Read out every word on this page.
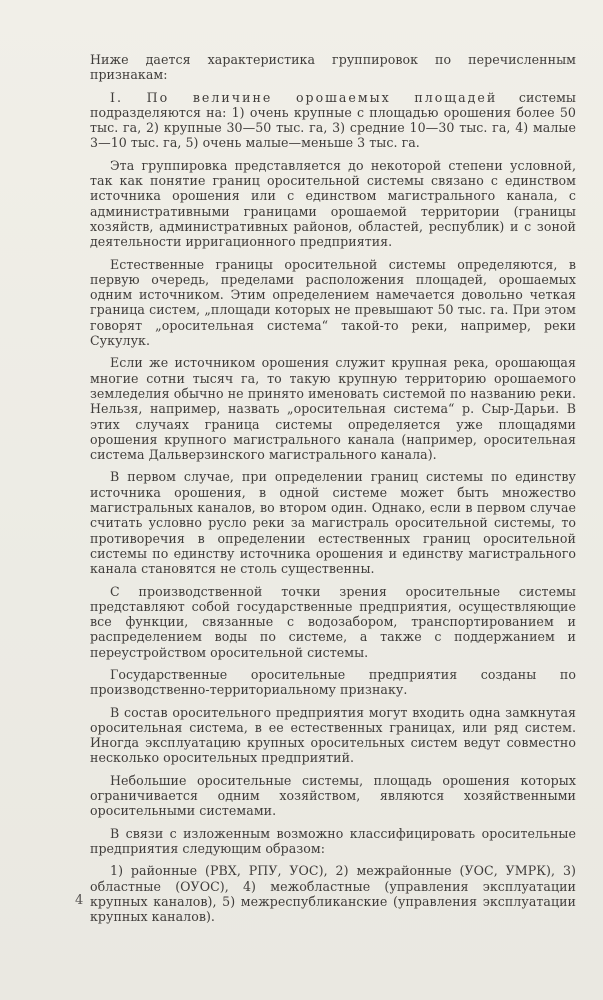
Ниже дается характеристика группировок по перечисленным признакам:

I. По величине орошаемых площадей системы подразделяются на: 1) очень крупные с площадью орошения более 50 тыс. га, 2) крупные 30—50 тыс. га, 3) средние 10—30 тыс. га, 4) малые 3—10 тыс. га, 5) очень малые—меньше 3 тыс. га.

Эта группировка представляется до некоторой степени условной, так как понятие границ оросительной системы связано с единством источника орошения или с единством магистрального канала, с административными границами орошаемой территории (границы хозяйств, административных районов, областей, республик) и с зоной деятельности ирригационного предприятия.

Естественные границы оросительной системы определяются, в первую очередь, пределами расположения площадей, орошаемых одним источником. Этим определением намечается довольно четкая граница систем, „площади которых не превышают 50 тыс. га. При этом говорят „оросительная система“ такой-то реки, например, реки Сукулук.

Если же источником орошения служит крупная река, орошающая многие сотни тысяч га, то такую крупную территорию орошаемого земледелия обычно не принято именовать системой по названию реки. Нельзя, например, назвать „оросительная система“ р. Сыр-Дарьи. В этих случаях граница системы определяется уже площадями орошения крупного магистрального канала (например, оросительная система Дальверзинского магистрального канала).

В первом случае, при определении границ системы по единству источника орошения, в одной системе может быть множество магистральных каналов, во втором один. Однако, если в первом случае считать условно русло реки за магистраль оросительной системы, то противоречия в определении естественных границ оросительной системы по единству источника орошения и единству магистрального канала становятся не столь существенны.

С производственной точки зрения оросительные системы представляют собой государственные предприятия, осуществляющие все функции, связанные с водозабором, транспортированием и распределением воды по системе, а также с поддержанием и переустройством оросительной системы.

Государственные оросительные предприятия созданы по производственно-территориальному признаку.

В состав оросительного предприятия могут входить одна замкнутая оросительная система, в ее естественных границах, или ряд систем. Иногда эксплуатацию крупных оросительных систем ведут совместно несколько оросительных предприятий.

Небольшие оросительные системы, площадь орошения которых ограничивается одним хозяйством, являются хозяйственными оросительными системами.

В связи с изложенным возможно классифицировать оросительные предприятия следующим образом:

1) районные (РВХ, РПУ, УОС), 2) межрайонные (УОС, УМРК), 3) областные (ОУОС), 4) межобластные (управления эксплуатации крупных каналов), 5) межреспубликанские (управления эксплуатации крупных каналов).

4
